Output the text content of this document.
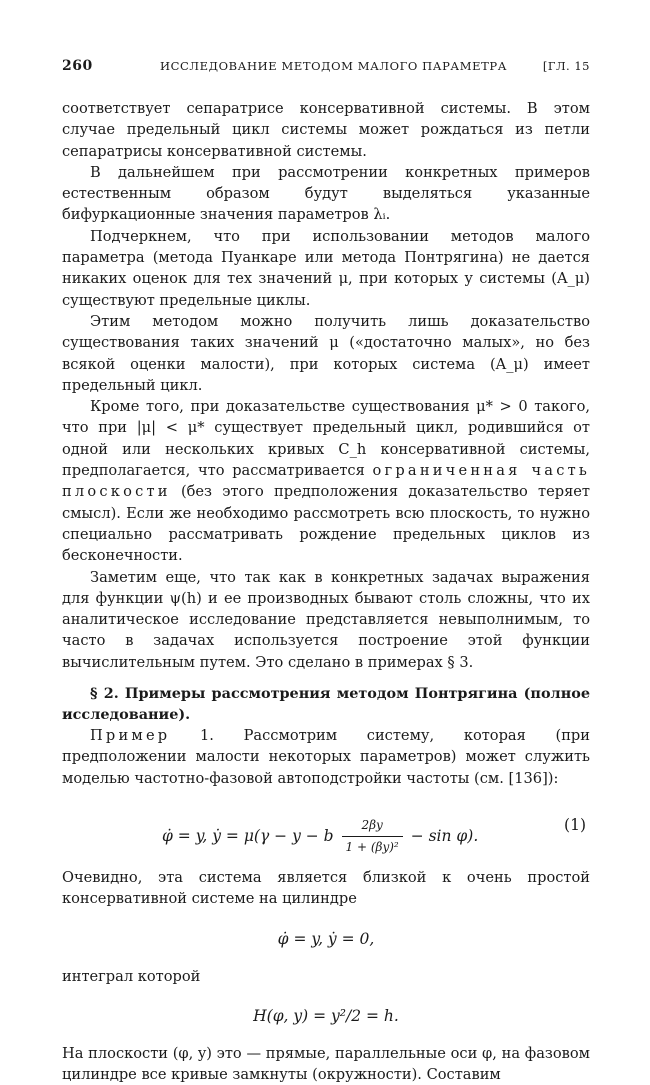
260	ИССЛЕДОВАНИЕ МЕТОДОМ МАЛОГО ПАРАМЕТРА	[ГЛ. 15

соответствует сепаратрисе консервативной системы. В этом случае предельный цикл системы может рождаться из петли сепаратрисы консервативной системы.

В дальнейшем при рассмотрении конкретных примеров естественным образом будут выделяться указанные бифуркационные значения параметров λᵢ.

Подчеркнем, что при использовании методов малого параметра (метода Пуанкаре или метода Понтрягина) не дается никаких оценок для тех значений μ, при которых у системы (A_μ) существуют предельные циклы.

Этим методом можно получить лишь доказательство существования таких значений μ («достаточно малых», но без всякой оценки малости), при которых система (A_μ) имеет предельный цикл.

Кроме того, при доказательстве существования μ* > 0 такого, что при |μ| < μ* существует предельный цикл, родившийся от одной или нескольких кривых C_h консервативной системы, предполагается, что рассматривается ограниченная часть плоскости (без этого предположения доказательство теряет смысл). Если же необходимо рассмотреть всю плоскость, то нужно специально рассматривать рождение предельных циклов из бесконечности.

Заметим еще, что так как в конкретных задачах выражения для функции ψ(h) и ее производных бывают столь сложны, что их аналитическое исследование представляется невыполнимым, то часто в задачах используется построение этой функции вычислительным путем. Это сделано в примерах § 3.

§ 2. Примеры рассмотрения методом Понтрягина (полное исследование).

Пример 1. Рассмотрим систему, которая (при предположении малости некоторых параметров) может служить моделью частотно-фазовой автоподстройки частоты (см. [136]):

φ̇ = y, ẏ = μ(γ − y − b $\frac{2\beta y}{\text{1 + (βy)²}} - \sin \varphi$).
(1)

Очевидно, эта система является близкой к очень простой консервативной системе на цилиндре

φ̇ = y, ẏ = 0,

интеграл которой

H(φ, y) = y²/2 = h.

На плоскости (φ, y) это — прямые, параллельные оси φ, на фазовом цилиндре все кривые замкнуты (окружности). Составим
